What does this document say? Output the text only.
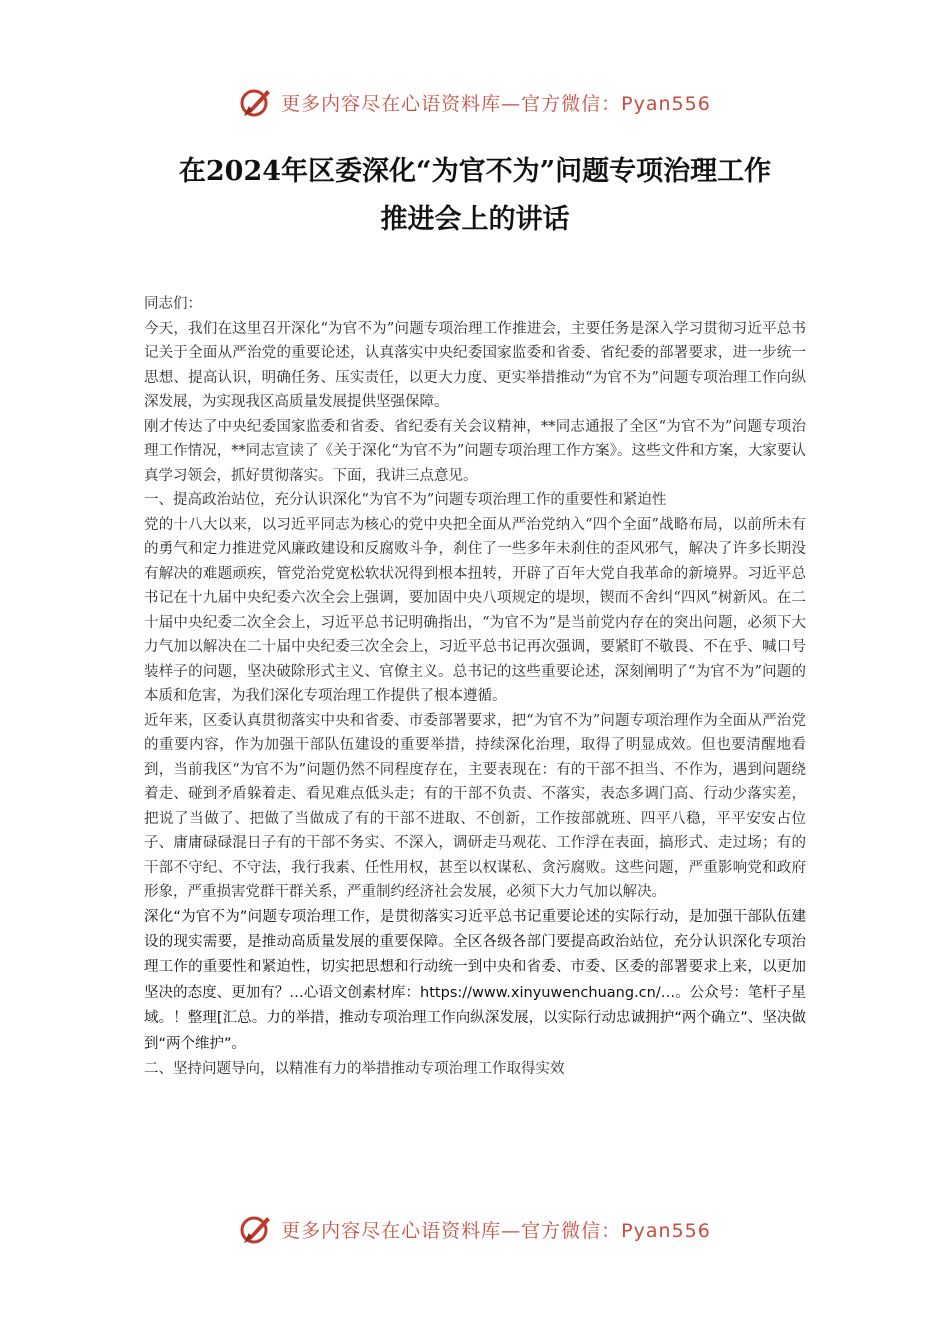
更多内容尽在心语资料库—官方微信：Pyan556
在2024年区委深化“为官不为”问题专项治理工作
推进会上的讲话

同志们：

今天，我们在这里召开深化“为官不为”问题专项治理工作推进会，主要任务是深入学习贯彻习近平总书记关于全面从严治党的重要论述，认真落实中央纪委国家监委和省委、省纪委的部署要求，进一步统一思想、提高认识，明确任务、压实责任，以更大力度、更实举措推动“为官不为”问题专项治理工作向纵深发展，为实现我区高质量发展提供坚强保障。

刚才传达了中央纪委国家监委和省委、省纪委有关会议精神，**同志通报了全区“为官不为”问题专项治理工作情况，**同志宣读了《关于深化“为官不为”问题专项治理工作方案》。这些文件和方案，大家要认真学习领会，抓好贯彻落实。下面，我讲三点意见。

一、提高政治站位，充分认识深化“为官不为”问题专项治理工作的重要性和紧迫性

党的十八大以来，以习近平同志为核心的党中央把全面从严治党纳入“四个全面”战略布局，以前所未有的勇气和定力推进党风廉政建设和反腐败斗争，刹住了一些多年未刹住的歪风邪气，解决了许多长期没有解决的难题顽疾，管党治党宽松软状况得到根本扭转，开辟了百年大党自我革命的新境界。习近平总书记在十九届中央纪委六次全会上强调，要加固中央八项规定的堤坝，锲而不舍纠“四风”树新风。在二十届中央纪委二次全会上，习近平总书记明确指出，“为官不为”是当前党内存在的突出问题，必须下大力气加以解决在二十届中央纪委三次全会上，习近平总书记再次强调，要紧盯不敬畏、不在乎、喊口号装样子的问题，坚决破除形式主义、官僚主义。总书记的这些重要论述，深刻阐明了“为官不为”问题的本质和危害，为我们深化专项治理工作提供了根本遵循。

近年来，区委认真贯彻落实中央和省委、市委部署要求，把“为官不为”问题专项治理作为全面从严治党的重要内容，作为加强干部队伍建设的重要举措，持续深化治理，取得了明显成效。但也要清醒地看到，当前我区“为官不为”问题仍然不同程度存在，主要表现在：有的干部不担当、不作为，遇到问题绕着走、碰到矛盾躲着走、看见难点低头走；有的干部不负责、不落实，表态多调门高、行动少落实差，把说了当做了、把做了当做成了有的干部不进取、不创新，工作按部就班、四平八稳，平平安安占位子、庸庸碌碌混日子有的干部不务实、不深入，调研走马观花、工作浮在表面，搞形式、走过场；有的干部不守纪、不守法，我行我素、任性用权，甚至以权谋私、贪污腐败。这些问题，严重影响党和政府形象，严重损害党群干群关系，严重制约经济社会发展，必须下大力气加以解决。

深化“为官不为”问题专项治理工作，是贯彻落实习近平总书记重要论述的实际行动，是加强干部队伍建设的现实需要，是推动高质量发展的重要保障。全区各级各部门要提高政治站位，充分认识深化专项治理工作的重要性和紧迫性，切实把思想和行动统一到中央和省委、市委、区委的部署要求上来，以更加坚决的态度、更加有？…心语文创素材库：https://www.xinyuwenchuang.cn/…。公众号：笔杆子星域。！整理[汇总。力的举措，推动专项治理工作向纵深发展，以实际行动忠诚拥护“两个确立”、坚决做到“两个维护”。

二、坚持问题导向，以精准有力的举措推动专项治理工作取得实效

更多内容尽在心语资料库—官方微信：Pyan556
